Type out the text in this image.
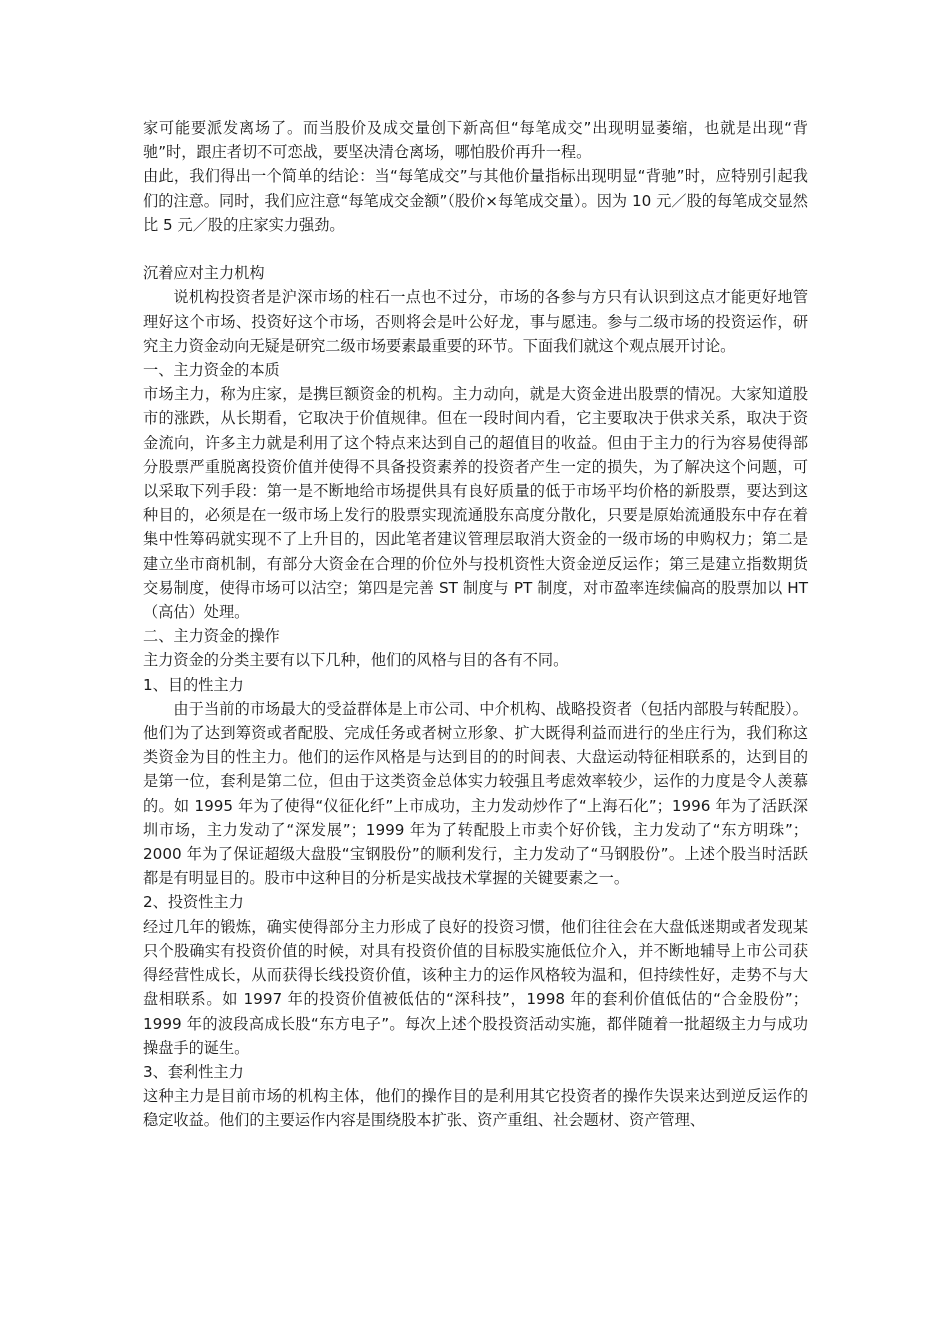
家可能要派发离场了。而当股价及成交量创下新高但“每笔成交”出现明显萎缩，也就是出现“背驰”时，跟庄者切不可恋战，要坚决清仓离场，哪怕股价再升一程。

由此，我们得出一个简单的结论：当“每笔成交”与其他价量指标出现明显“背驰”时，应特别引起我们的注意。同时，我们应注意“每笔成交金额”（股价×每笔成交量）。因为 10 元／股的每笔成交显然比 5 元／股的庄家实力强劲。

沉着应对主力机构

说机构投资者是沪深市场的柱石一点也不过分，市场的各参与方只有认识到这点才能更好地管理好这个市场、投资好这个市场，否则将会是叶公好龙，事与愿违。参与二级市场的投资运作，研究主力资金动向无疑是研究二级市场要素最重要的环节。下面我们就这个观点展开讨论。

一、主力资金的本质

市场主力，称为庄家，是携巨额资金的机构。主力动向，就是大资金进出股票的情况。大家知道股市的涨跌，从长期看，它取决于价值规律。但在一段时间内看，它主要取决于供求关系，取决于资金流向，许多主力就是利用了这个特点来达到自己的超值目的收益。但由于主力的行为容易使得部分股票严重脱离投资价值并使得不具备投资素养的投资者产生一定的损失，为了解决这个问题，可以采取下列手段：第一是不断地给市场提供具有良好质量的低于市场平均价格的新股票，要达到这种目的，必须是在一级市场上发行的股票实现流通股东高度分散化，只要是原始流通股东中存在着集中性筹码就实现不了上升目的，因此笔者建议管理层取消大资金的一级市场的申购权力；第二是建立坐市商机制，有部分大资金在合理的价位外与投机资性大资金逆反运作；第三是建立指数期货交易制度，使得市场可以沽空；第四是完善 ST 制度与 PT 制度，对市盈率连续偏高的股票加以 HT（高估）处理。

二、主力资金的操作

主力资金的分类主要有以下几种，他们的风格与目的各有不同。

1、目的性主力

由于当前的市场最大的受益群体是上市公司、中介机构、战略投资者（包括内部股与转配股）。他们为了达到筹资或者配股、完成任务或者树立形象、扩大既得利益而进行的坐庄行为，我们称这类资金为目的性主力。他们的运作风格是与达到目的的时间表、大盘运动特征相联系的，达到目的是第一位，套利是第二位，但由于这类资金总体实力较强且考虑效率较少，运作的力度是令人羡慕的。如 1995 年为了使得“仪征化纤”上市成功，主力发动炒作了“上海石化”；1996 年为了活跃深圳市场，主力发动了“深发展”；1999 年为了转配股上市卖个好价钱，主力发动了“东方明珠”；2000 年为了保证超级大盘股“宝钢股份”的顺利发行，主力发动了“马钢股份”。上述个股当时活跃都是有明显目的。股市中这种目的分析是实战技术掌握的关键要素之一。

2、投资性主力

经过几年的锻炼，确实使得部分主力形成了良好的投资习惯，他们往往会在大盘低迷期或者发现某只个股确实有投资价值的时候，对具有投资价值的目标股实施低位介入，并不断地辅导上市公司获得经营性成长，从而获得长线投资价值，该种主力的运作风格较为温和，但持续性好，走势不与大盘相联系。如 1997 年的投资价值被低估的“深科技”，1998 年的套利价值低估的“合金股份”；1999 年的波段高成长股“东方电子”。每次上述个股投资活动实施，都伴随着一批超级主力与成功操盘手的诞生。

3、套利性主力

这种主力是目前市场的机构主体，他们的操作目的是利用其它投资者的操作失误来达到逆反运作的稳定收益。他们的主要运作内容是围绕股本扩张、资产重组、社会题材、资产管理、
